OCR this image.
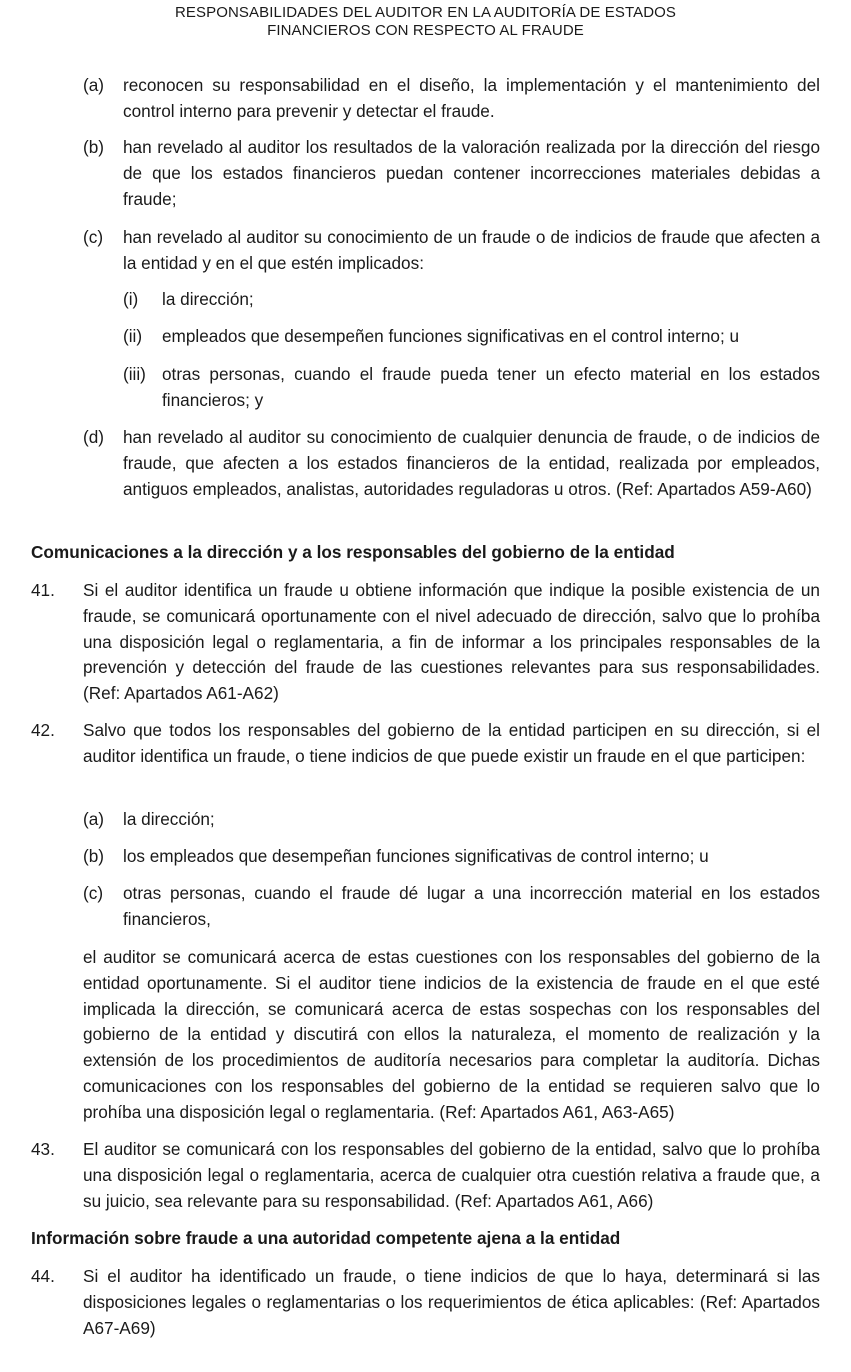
RESPONSABILIDADES DEL AUDITOR EN LA AUDITORÍA DE ESTADOS
FINANCIEROS CON RESPECTO AL FRAUDE
(a) reconocen su responsabilidad en el diseño, la implementación y el mantenimiento del control interno para prevenir y detectar el fraude.
(b) han revelado al auditor los resultados de la valoración realizada por la dirección del riesgo de que los estados financieros puedan contener incorrecciones materiales debidas a fraude;
(c) han revelado al auditor su conocimiento de un fraude o de indicios de fraude que afecten a la entidad y en el que estén implicados:
(i) la dirección;
(ii) empleados que desempeñen funciones significativas en el control interno; u
(iii) otras personas, cuando el fraude pueda tener un efecto material en los estados financieros; y
(d) han revelado al auditor su conocimiento de cualquier denuncia de fraude, o de indicios de fraude, que afecten a los estados financieros de la entidad, realizada por empleados, antiguos empleados, analistas, autoridades reguladoras u otros. (Ref: Apartados A59-A60)
Comunicaciones a la dirección y a los responsables del gobierno de la entidad
41. Si el auditor identifica un fraude u obtiene información que indique la posible existencia de un fraude, se comunicará oportunamente con el nivel adecuado de dirección, salvo que lo prohíba una disposición legal o reglamentaria, a fin de informar a los principales responsables de la prevención y detección del fraude de las cuestiones relevantes para sus responsabilidades. (Ref: Apartados A61-A62)
42. Salvo que todos los responsables del gobierno de la entidad participen en su dirección, si el auditor identifica un fraude, o tiene indicios de que puede existir un fraude en el que participen:
(a) la dirección;
(b) los empleados que desempeñan funciones significativas de control interno; u
(c) otras personas, cuando el fraude dé lugar a una incorrección material en los estados financieros,
el auditor se comunicará acerca de estas cuestiones con los responsables del gobierno de la entidad oportunamente. Si el auditor tiene indicios de la existencia de fraude en el que esté implicada la dirección, se comunicará acerca de estas sospechas con los responsables del gobierno de la entidad y discutirá con ellos la naturaleza, el momento de realización y la extensión de los procedimientos de auditoría necesarios para completar la auditoría. Dichas comunicaciones con los responsables del gobierno de la entidad se requieren salvo que lo prohíba una disposición legal o reglamentaria. (Ref: Apartados A61, A63-A65)
43. El auditor se comunicará con los responsables del gobierno de la entidad, salvo que lo prohíba una disposición legal o reglamentaria, acerca de cualquier otra cuestión relativa a fraude que, a su juicio, sea relevante para su responsabilidad. (Ref: Apartados A61, A66)
Información sobre fraude a una autoridad competente ajena a la entidad
44. Si el auditor ha identificado un fraude, o tiene indicios de que lo haya, determinará si las disposiciones legales o reglamentarias o los requerimientos de ética aplicables: (Ref: Apartados A67-A69)
